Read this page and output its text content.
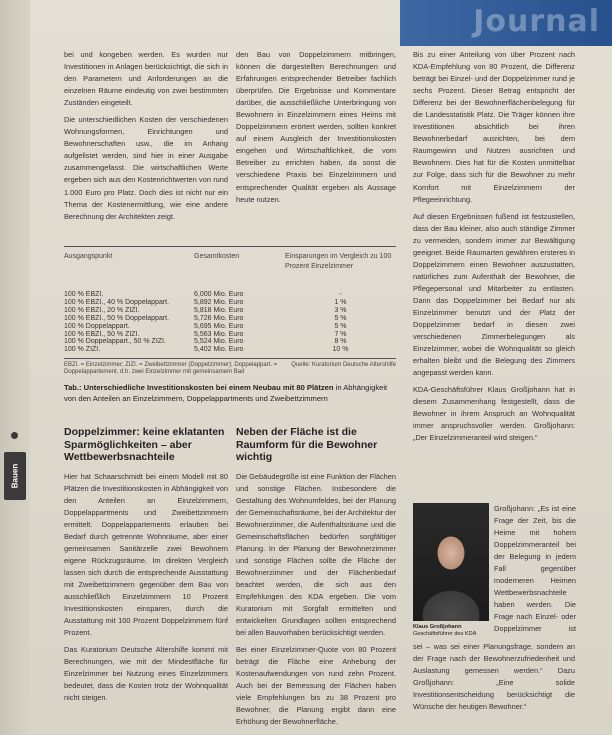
Journal
Bauen

bei und kongeben werden. Es wurden nur Investitionen in Anlagen berücksichtigt, die sich in den Parametern und Anforderungen an die einzelnen Räume eindeutig von zwei bestimmten Zuständen eingeteilt.

Die unterschiedlichen Kosten der verschiedenen Wohnungsformen, Einrichtungen und Bewohnerschaften usw., die im Anhang aufgelistet werden, sind hier in einer Ausgabe zusammengefasst. Die wirtschaftlichen Werte ergeben sich aus den Kostenrichtwerten von rund 1.000 Euro pro Platz. Doch dies ist nicht nur ein Thema der Kostenermittlung, wie eine andere Berechnung der Architekten zeigt.

den Bau von Doppelzimmern mitbringen, können die dargestellten Berechnungen und Erfahrungen entsprechender Betreiber fachlich überprüfen. Die Ergebnisse und Kommentare darüber, die ausschließliche Unterbringung von Bewohnern in Einzelzimmern eines Heims mit Doppelzimmern erörtert werden, sollten konkret auf einem Ausgleich der Investitionskosten eingehen und Wirtschaftlichkeit, die vom Betreiber zu errichten haben, da sonst die verschiedene Praxis bei Einzelzimmern und entsprechender Qualität ergeben als Aussage heute nutzen.

Bis zu einer Anteilung von über Prozent nach KDA-Empfehlung von 80 Prozent, die Differenz beträgt bei Einzel- und der Doppelzimmer rund je sechs Prozent. Dieser Betrag entspricht der Differenz bei der Bewohnerflächenbelegung für die Landesstatistik Platz. Die Träger können ihre Investitionen absichtlich bei ihren Bewohnerbedarf ausrichten, bei dem Raumgewinn und Nutzen ausrichten und Bewohnern. Dies hat für die Kosten unmittelbar zur Folge, dass sich für die Bewohner zu mehr Komfort mit Einzelzimmern der Pflegeeinrichtung.

Auf diesen Ergebnissen fußend ist festzustellen, dass der Bau kleiner, also auch ständige Zimmer zu vermeiden, sondern immer zur Bewältigung geeignet. Beide Raumarten gewähren ersteres in Doppelzimmern einen Bewohner auszustatten, natürliches zum Aufenthalt der Bewohner, die Pflegepersonal und Mitarbeiter zu entlasten. Dann das Doppelzimmer bei Bedarf nur als Einzelzimmer benutzt und der Platz der Doppelzimmer bedarf in diesen zwei verschiedenen Zimmerbelegungen als Einzelzimmer, wobei die Wohnqualität so gleich erhalten bleibt und die Belegung des Zimmers angepasst werden kann.

KDA-Geschäftsführer Klaus Großjohann hat in diesem Zusammenhang festgestellt, dass die Bewohner in ihrem Anspruch an Wohnqualität immer anspruchsvoller werden. Großjohann: „Der Einzelzimmeranteil wird steigen.“

Ausgangspunkt	Gesamtkosten	Einsparungen im Vergleich zu 100 Prozent Einzelzimmer
100 % EBZI.	6,000 Mio. Euro	-
100 % EBZI., 40 % Doppelappart.	5,892 Mio. Euro	1 %
100 % EBZI., 20 % ZIZI.	5,818 Mio. Euro	3 %
100 % EBZI., 50 % Doppelappart.	5,726 Mio. Euro	5 %
100 % Doppelappart.	5,695 Mio. Euro	5 %
100 % EBZI., 50 % ZIZI.	5,563 Mio. Euro	7 %
100 % Doppelappart., 50 % ZIZI.	5,524 Mio. Euro	8 %
100 % ZIZI.	5,402 Mio. Euro	10 %
Quelle: Kuratorium Deutsche Altershilfe
EBZI. = Einzelzimmer; ZIZI. = Zweibettzimmer (Doppelzimmer); Doppelappart. = Doppelappartement, d.h. zwei Einzelzimmer mit gemeinsamem Bad
Tab.: Unterschiedliche Investitionskosten bei einem Neubau mit 80 Plätzen in Abhängigkeit von den Anteilen an Einzelzimmern, Doppelappartments und Zweibettzimmern
Doppelzimmer: keine eklatanten Sparmöglichkeiten – aber Wettbewerbsnachteile

Hier hat Schaarschmidt bei einem Modell mit 80 Plätzen die Investitionskosten in Abhängigkeit von den Anteilen an Einzelzimmern, Doppelappartments und Zweibettzimmern ermittelt. Doppelappartements erlauben bei Bedarf durch getrennte Wohnräume, aber einer gemeinsamen Sanitärzelle zwei Bewohnern eigene Rückzugsräume. Im direkten Vergleich lassen sich durch die entsprechende Ausstattung mit Zweibettzimmern gegenüber dem Bau von ausschließlich Einzelzimmern 10 Prozent Investitionskosten einsparen, durch die Ausstattung mit 100 Prozent Doppelzimmern fünf Prozent.

Das Kuratorium Deutsche Altershilfe kommt mit Berechnungen, wie mit der Mindestfläche für Einzelzimmer bei Nutzung eines Einzelzimmers bedeutet, dass die Kosten trotz der Wohnqualität nicht steigen.

Neben der Fläche ist die Raumform für die Bewohner wichtig

Die Gebäudegröße ist eine Funktion der Flächen und sonstige Flächen. Insbesondere die Gestaltung des Wohnumfeldes, bei der Planung der Gemeinschaftsräume, bei der Architektur der Bewohnerzimmer, die Aufenthaltsräume und die Gemeinschaftsflächen bedürfen sorgfältiger Planung. In der Planung der Bewohnerzimmer und sonstige Flächen sollte die Fläche der Bewohnerzimmer und der Flächenbedarf beachtet werden, die sich aus den Empfehlungen des KDA ergeben. Die vom Kuratorium mit Sorgfalt ermittelten und entwickelten Grundlagen sollten entsprechend bei allen Bauvorhaben berücksichtigt werden.

Bei einer Einzelzimmer-Quote von 80 Prozent beträgt die Fläche eine Anhebung der Kostenaufwendungen von rund zehn Prozent. Auch bei der Bemessung der Flächen haben viele Empfehlungen bis zu 38 Prozent pro Bewohner, die Planung ergibt dann eine Erhöhung der Bewohnerfläche.

Klaus Großjohann
Geschäftsführer des KDA

Großjohann: „Es ist eine Frage der Zeit, bis die Heime mit hohem Doppelzimmeranteil bei der Belegung in jedem Fall gegenüber moderneren Heimen Wettbewerbsnachteile haben werden. Die Frage nach Einzel- oder Doppelzimmer ist

sei – was sei einer Planungsfrage, sondern an der Frage nach der Bewohnerzufriedenheit und Auslastung gemessen werden.“ Dazu Großjohann: „Eine solide Investitionsentscheidung berücksichtigt die Wünsche der heutigen Bewohner.“
